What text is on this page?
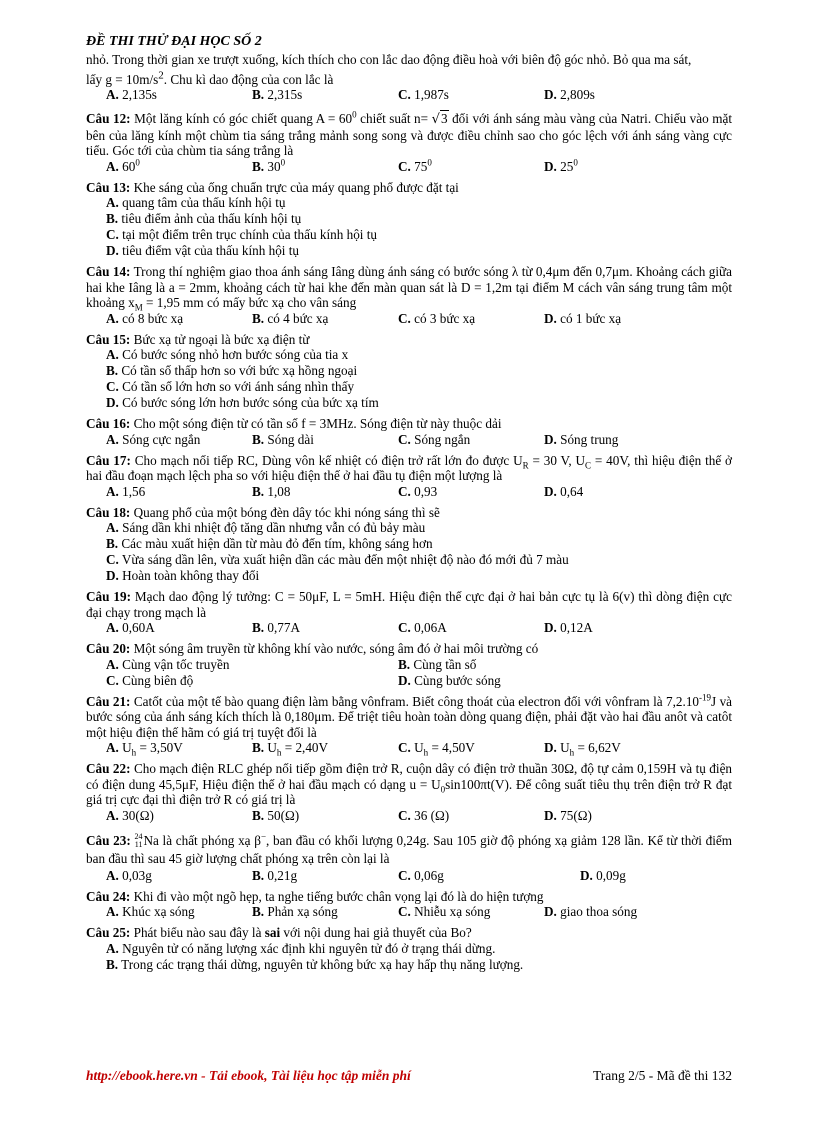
ĐỀ THI THỬ ĐẠI HỌC SỐ 2

nhỏ. Trong thời gian xe trượt xuống, kích thích cho con lắc dao động điều hoà với biên độ góc nhỏ. Bỏ qua ma sát,

lấy $g = 10m/s^2$. Chu kì dao động của con lắc là

A. 2,135s	B. 2,315s	C. 1,987s	D. 2,809s

Câu 12: Một lăng kính có góc chiết quang $A = 60^0$ chiết suất n= √3 đối với ánh sáng màu vàng của Natri. Chiếu vào mặt bên của lăng kính một chùm tia sáng trắng mảnh song song và được điều chỉnh sao cho góc lệch với ánh sáng vàng cực tiểu. Góc tới của chùm tia sáng trắng là

A. $60^0$	B. $30^0$	C. $75^0$	D. $25^0$

Câu 13: Khe sáng của ống chuẩn trực của máy quang phổ được đặt tại

A. quang tâm của thấu kính hội tụ
B. tiêu điểm ảnh của thấu kính hội tụ
C. tại một điểm trên trục chính của thấu kính hội tụ
D. tiêu điểm vật của thấu kính hội tụ

Câu 14: Trong thí nghiệm giao thoa ánh sáng Iâng dùng ánh sáng có bước sóng λ từ 0,4μm đến 0,7μm. Khoảng cách giữa hai khe Iâng là a = 2mm, khoảng cách từ hai khe đến màn quan sát là D = 1,2m tại điểm M cách vân sáng trung tâm một khoảng $x_M = 1,95$ mm có mấy bức xạ cho vân sáng

A. có 8 bức xạ	B. có 4 bức xạ	C. có 3 bức xạ	D. có 1 bức xạ

Câu 15: Bức xạ tử ngoại là bức xạ điện từ

A. Có bước sóng nhỏ hơn bước sóng của tia x
B. Có tần số thấp hơn so với bức xạ hồng ngoại
C. Có tần số lớn hơn so với ánh sáng nhìn thấy
D. Có bước sóng lớn hơn bước sóng của bức xạ tím

Câu 16: Cho một sóng điện từ có tần số f = 3MHz. Sóng điện từ này thuộc dải

A. Sóng cực ngắn	B. Sóng dài	C. Sóng ngắn	D. Sóng trung

Câu 17: Cho mạch nối tiếp RC, Dùng vôn kế nhiệt có điện trở rất lớn đo được $U_R = 30$ V, $U_C = 40V$, thì hiệu điện thế ở hai đầu đoạn mạch lệch pha so với hiệu điện thế ở hai đầu tụ điện một lượng là

A. 1,56	B. 1,08	C. 0,93	D. 0,64

Câu 18: Quang phổ của một bóng đèn dây tóc khi nóng sáng thì sẽ

A. Sáng dần khi nhiệt độ tăng dần nhưng vẫn có đủ bảy màu
B. Các màu xuất hiện dần từ màu đỏ đến tím, không sáng hơn
C. Vừa sáng dần lên, vừa xuất hiện dần các màu đến một nhiệt độ nào đó mới đủ 7 màu
D. Hoàn toàn không thay đổi

Câu 19: Mạch dao động lý tưởng: C = 50μF, L = 5mH. Hiệu điện thế cực đại ở hai bản cực tụ là 6(v) thì dòng điện cực đại chạy trong mạch là

A. 0,60A	B. 0,77A	C. 0,06A	D. 0,12A

Câu 20: Một sóng âm truyền từ không khí vào nước, sóng âm đó ở hai môi trường có

A. Cùng vận tốc truyền	B. Cùng tần số
C. Cùng biên độ	D. Cùng bước sóng

Câu 21: Catốt của một tế bào quang điện làm bằng vônfram. Biết công thoát của electron đối với vônfram là $7,2.10^{-19}J$ và bước sóng của ánh sáng kích thích là 0,180μm. Để triệt tiêu hoàn toàn dòng quang điện, phải đặt vào hai đầu anôt và catôt một hiệu điện thế hãm có giá trị tuyệt đối là

A. $U_h = 3,50V$	B. $U_h = 2,40V$	C. $U_h = 4,50V$	D. $U_h = 6,62V$

Câu 22: Cho mạch điện RLC ghép nối tiếp gồm điện trở R, cuộn dây có điện trở thuần 30Ω, độ tự cảm 0,159H và tụ điện có điện dung 45,5μF, Hiệu điện thế ở hai đầu mạch có dạng $u = U_0\sin 100\pi t(V)$. Để công suất tiêu thụ trên điện trở R đạt giá trị cực đại thì điện trở R có giá trị là

A. 30(Ω)	B. 50(Ω)	C. 36 (Ω)	D. 75(Ω)

Câu 23: 24
11Na là chất phóng xạ β−, ban đầu có khối lượng 0,24g. Sau 105 giờ độ phóng xạ giảm 128 lần. Kể từ thời điểm ban đầu thì sau 45 giờ lượng chất phóng xạ trên còn lại là

A. 0,03g	B. 0,21g	C. 0,06g	D. 0,09g

Câu 24: Khi đi vào một ngõ hẹp, ta nghe tiếng bước chân vọng lại đó là do hiện tượng

A. Khúc xạ sóng	B. Phản xạ sóng	C. Nhiễu xạ sóng	D. giao thoa sóng

Câu 25: Phát biểu nào sau đây là sai với nội dung hai giả thuyết của Bo?

A. Nguyên tử có năng lượng xác định khi nguyên tử đó ở trạng thái dừng.
B. Trong các trạng thái dừng, nguyên tử không bức xạ hay hấp thụ năng lượng.
http://ebook.here.vn - Tải ebook, Tài liệu học tập miễn phí	Trang 2/5 - Mã đề thi 132
